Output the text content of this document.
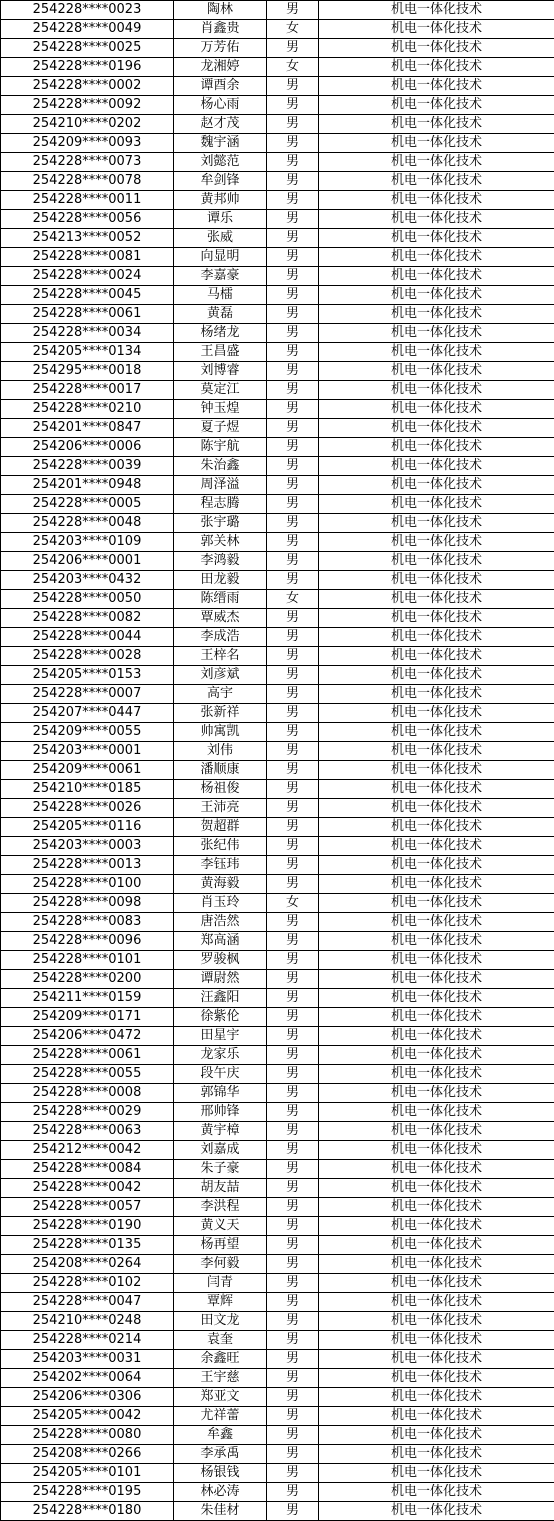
254228****0023	陶林	男	机电一体化技术
254228****0049	肖鑫贵	女	机电一体化技术
254228****0025	万芳佑	男	机电一体化技术
254228****0196	龙湘婷	女	机电一体化技术
254228****0002	谭酉余	男	机电一体化技术
254228****0092	杨心雨	男	机电一体化技术
254210****0202	赵才茂	男	机电一体化技术
254209****0093	魏宇涵	男	机电一体化技术
254228****0073	刘懿范	男	机电一体化技术
254228****0078	牟剑锋	男	机电一体化技术
254228****0011	黄邦帅	男	机电一体化技术
254228****0056	谭乐	男	机电一体化技术
254213****0052	张威	男	机电一体化技术
254228****0081	向显明	男	机电一体化技术
254228****0024	李嘉豪	男	机电一体化技术
254228****0045	马檑	男	机电一体化技术
254228****0061	黄磊	男	机电一体化技术
254228****0034	杨绪龙	男	机电一体化技术
254205****0134	王昌盛	男	机电一体化技术
254295****0018	刘博睿	男	机电一体化技术
254228****0017	莫定江	男	机电一体化技术
254228****0210	钟玉煌	男	机电一体化技术
254201****0847	夏子煜	男	机电一体化技术
254206****0006	陈宇航	男	机电一体化技术
254228****0039	朱治鑫	男	机电一体化技术
254201****0948	周泽溢	男	机电一体化技术
254228****0005	程志腾	男	机电一体化技术
254228****0048	张宇璐	男	机电一体化技术
254203****0109	郭关林	男	机电一体化技术
254206****0001	李鸿毅	男	机电一体化技术
254203****0432	田龙毅	男	机电一体化技术
254228****0050	陈缙雨	女	机电一体化技术
254228****0082	覃威杰	男	机电一体化技术
254228****0044	李成浩	男	机电一体化技术
254228****0028	王梓名	男	机电一体化技术
254205****0153	刘彦斌	男	机电一体化技术
254228****0007	高宇	男	机电一体化技术
254207****0447	张新祥	男	机电一体化技术
254209****0055	帅寓凯	男	机电一体化技术
254203****0001	刘伟	男	机电一体化技术
254209****0061	潘顺康	男	机电一体化技术
254210****0185	杨祖俊	男	机电一体化技术
254228****0026	王沛亮	男	机电一体化技术
254205****0116	贺超群	男	机电一体化技术
254203****0003	张纪伟	男	机电一体化技术
254228****0013	李钰玮	男	机电一体化技术
254228****0100	黄海毅	男	机电一体化技术
254228****0098	肖玉玲	女	机电一体化技术
254228****0083	唐浩然	男	机电一体化技术
254228****0096	郑高涵	男	机电一体化技术
254228****0101	罗骏枫	男	机电一体化技术
254228****0200	谭尉然	男	机电一体化技术
254211****0159	汪鑫阳	男	机电一体化技术
254209****0171	徐紫伦	男	机电一体化技术
254206****0472	田星宇	男	机电一体化技术
254228****0061	龙家乐	男	机电一体化技术
254228****0055	段午庆	男	机电一体化技术
254228****0008	郭锦华	男	机电一体化技术
254228****0029	邢帅锋	男	机电一体化技术
254228****0063	黄宇樟	男	机电一体化技术
254212****0042	刘嘉成	男	机电一体化技术
254228****0084	朱子豪	男	机电一体化技术
254228****0042	胡友喆	男	机电一体化技术
254228****0057	李洪程	男	机电一体化技术
254228****0190	黄义天	男	机电一体化技术
254228****0135	杨再望	男	机电一体化技术
254208****0264	李何毅	男	机电一体化技术
254228****0102	闫青	男	机电一体化技术
254228****0047	覃辉	男	机电一体化技术
254210****0248	田文龙	男	机电一体化技术
254228****0214	袁奎	男	机电一体化技术
254203****0031	余鑫旺	男	机电一体化技术
254202****0064	王宇慈	男	机电一体化技术
254206****0306	郑亚文	男	机电一体化技术
254205****0042	尤祥蕾	男	机电一体化技术
254228****0080	牟鑫	男	机电一体化技术
254208****0266	李承禹	男	机电一体化技术
254205****0101	杨银钱	男	机电一体化技术
254228****0195	林必涛	男	机电一体化技术
254228****0180	朱佳材	男	机电一体化技术
